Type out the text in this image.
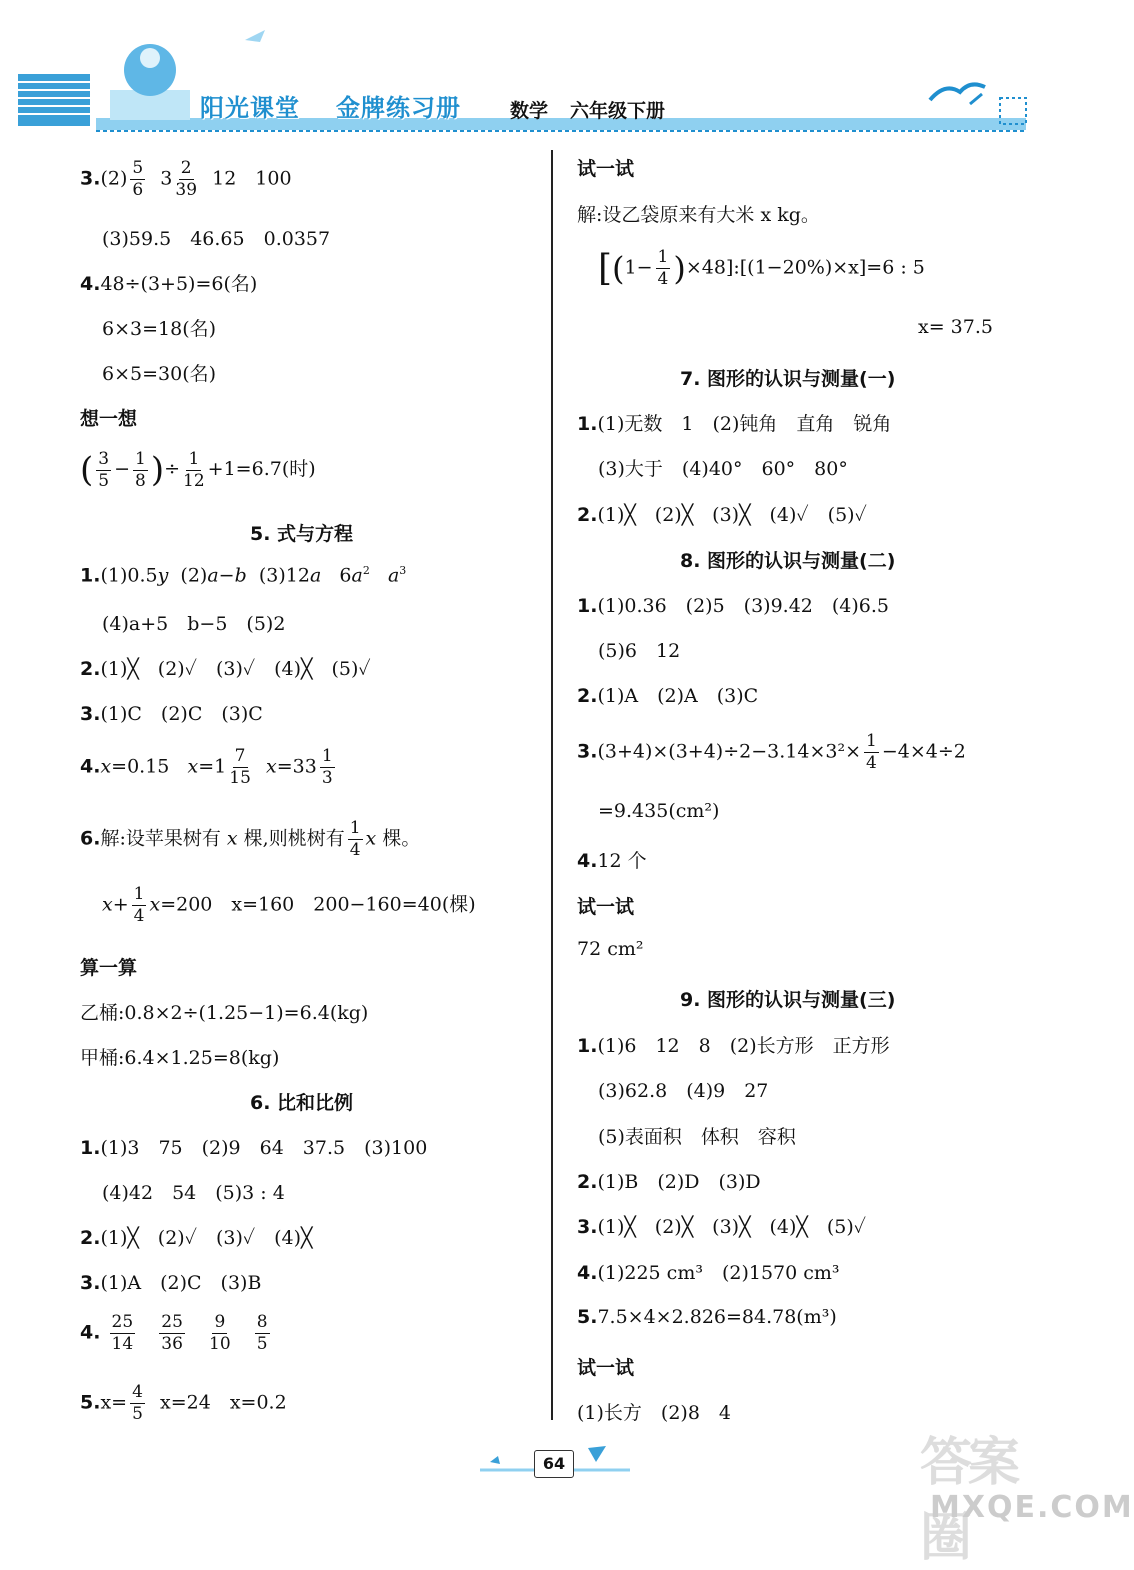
阳光课堂 金牌练习册	数学 六年级下册
$3.(2) \frac{5}{6} 3 \frac{2}{39} 12$　100
(3)59.5　46.65　0.0357
4.48÷(3+5)=6(名)
6×3=18(名)
6×5=30(名)
想一想
( $\frac{3}{5} - \frac{1}{8}$ )÷ $\frac{1}{12} +1=6.7$(时)
5. 式与方程
1.(1)0.5y (2)a−b (3)12a   $6a^2$ $a^3$
(4)a+5　b−5　(5)2
2.(1)╳　(2)✓　(3)✓　(4)╳　(5)✓
3.(1)C　(2)C　(3)C
4.x=0.15 $x=1 \frac{7}{15} x=33 \frac{1}{3}$
6.解:设苹果树有 x 棵,则桃树有 $\frac{1}{4}$ x 棵。
$x+ \frac{1}{4} x=200$　x=160　200−160=40(棵)
算一算
乙桶:0.8×2÷(1.25−1)=6.4(kg)
甲桶:6.4×1.25=8(kg)
6. 比和比例
1.(1)3　75　(2)9　64　37.5　(3)100
(4)42　54　(5)3 : 4
2.(1)╳　(2)✓　(3)✓　(4)╳
3.(1)A　(2)C　(3)B
4. $\frac{25}{14}$
$\frac{25}{36}$
$\frac{9}{10}$
$\frac{8}{5}$
$5.x= \frac{4}{5} x=24$　x=0.2
试一试
解:设乙袋原来有大米 x kg。
[($1- \frac{1}{4}$ )×48]:[(1−20%)×x]=6 : 5
x= 37.5
7. 图形的认识与测量(一)
1.(1)无数　1　(2)钝角　直角　锐角
(3)大于　(4)40°　60°　80°
2.(1)╳　(2)╳　(3)╳　(4)✓　(5)✓
8. 图形的认识与测量(二)
1.(1)0.36　(2)5　(3)9.42　(4)6.5
(5)6　12
2.(1)A　(2)A　(3)C
$3.(3+4)\times(3+4)\div 2-3.14\times 3^2\times \frac{1}{4} -4\times 4\div 2$
=9.435(cm²)
4.12 个
试一试
72 cm²
9. 图形的认识与测量(三)
1.(1)6　12　8　(2)长方形　正方形
(3)62.8　(4)9　27
(5)表面积　体积　容积
2.(1)B　(2)D　(3)D
3.(1)╳　(2)╳　(3)╳　(4)╳　(5)✓
4.(1)225 cm³　(2)1570 cm³
5.7.5×4×2.826=84.78(m³)
试一试
(1)长方　(2)8　4
64	答案圈
MXQE.COM
